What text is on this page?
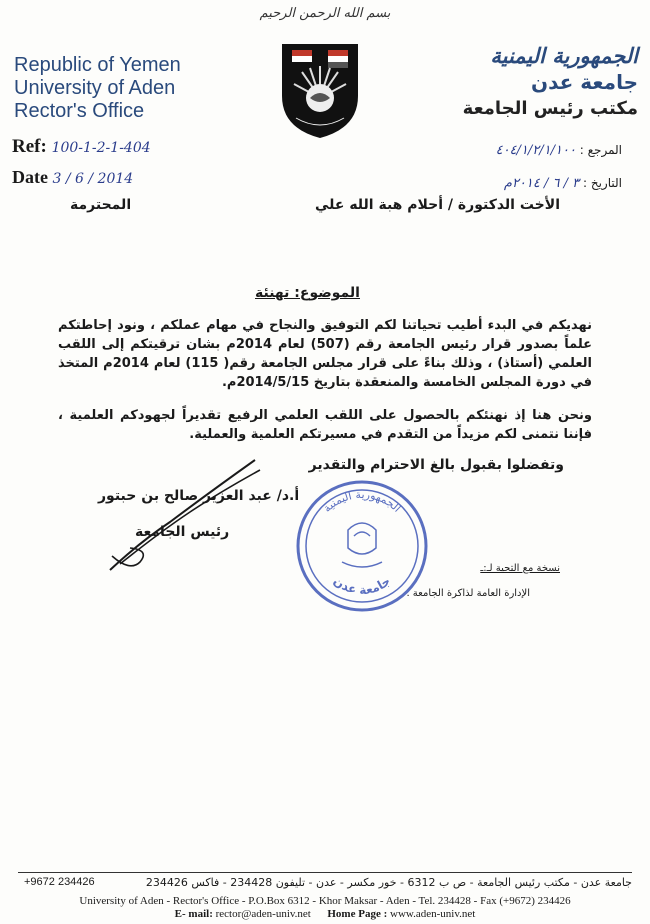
بسم الله الرحمن الرحيم
Republic of Yemen
University of Aden
Rector's Office
الجمهورية اليمنية
جامعة عدن
مكتب رئيس الجامعة
Ref: 100-1-2-1-404
Date 3 / 6 / 2014
المرجع : ٤٠٤/١/٢/١/١٠٠
التاريخ : ٣ / ٦ / ٢٠١٤م
الأخت الدكتورة / أحلام هبة الله علي
المحترمة
الموضوع: تهنئة

نهديكم في البدء أطيب تحياتنا لكم التوفيق والنجاح في مهام عملكم ، ونود إحاطتكم علماً بصدور قرار رئيس الجامعة رقم (507) لعام 2014م بشان ترقيتكم إلى اللقب العلمي (أستاذ) ، وذلك بناءً على قرار مجلس الجامعة رقم( 115) لعام 2014م المتخذ في دورة المجلس الخامسة والمنعقدة بتاريخ 2014/5/15م.

ونحن هنا إذ نهنئكم بالحصول على اللقب العلمي الرفيع تقديراً لجهودكم العلمية ، فإننا نتمنى لكم مزيداً من التقدم في مسيرتكم العلمية والعملية.

وتفضلوا بقبول بالغ الاحترام والتقدير
الجمهورية اليمنية
جامعة عدن
أ.د/ عبد العزيز صالح بن حبتور
رئيس الجامعة
نسخة مع التحية لـ:ـ
الإدارة العامة لذاكرة الجامعة .
جامعة عدن - مكتب رئيس الجامعة - ص ب 6312 - خور مكسر - عدن - تليفون 234428 - فاكس 234426
+9672 234426
University of Aden - Rector's Office - P.O.Box 6312 - Khor Maksar - Aden - Tel. 234428 - Fax (+9672) 234426
E- mail: rector@aden-univ.net Home Page : www.aden-univ.net
